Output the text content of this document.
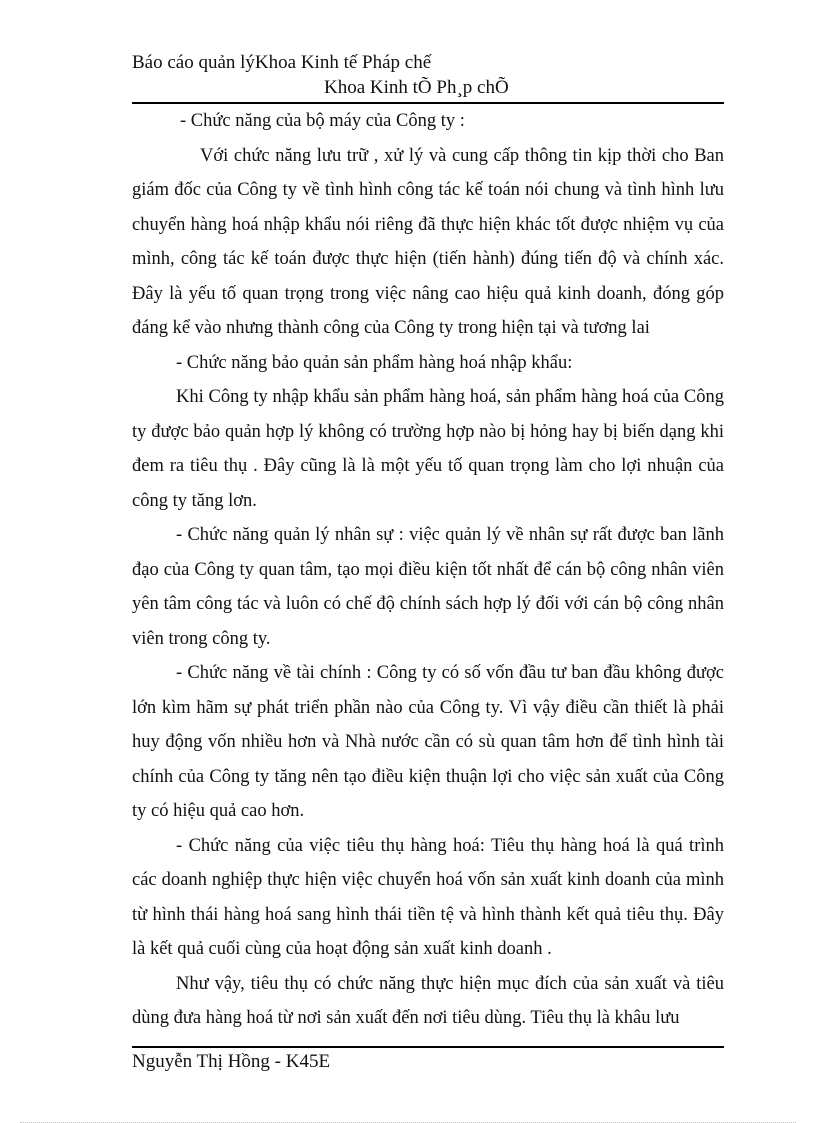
Báo cáo quản lýKhoa Kinh tế Pháp chế
Khoa Kinh tÕ Ph¸p chÕ

- Chức năng của bộ máy của Công ty :

Với chức năng lưu trữ , xử lý và cung cấp thông tin kịp thời cho Ban giám đốc của Công ty về tình hình công tác kế toán nói chung và tình hình lưu chuyển hàng hoá nhập khẩu nói riêng đã thực hiện khác tốt được nhiệm vụ của mình, công tác kế toán được thực hiện (tiến hành) đúng tiến độ và chính xác. Đây là yếu tố quan trọng trong việc nâng cao hiệu quả kinh doanh, đóng góp đáng kể vào nhưng thành công của Công ty trong hiện tại và tương lai

- Chức năng bảo quản sản phẩm hàng hoá nhập khẩu:

Khi Công ty nhập khẩu sản phẩm hàng hoá, sản phẩm hàng hoá của Công ty được bảo quản hợp lý không có trường hợp nào bị hỏng hay bị biến dạng khi đem ra tiêu thụ . Đây cũng là là một yếu tố quan trọng làm cho lợi nhuận của công ty tăng lơn.

- Chức năng quản lý nhân sự : việc quản lý về nhân sự rất được ban lãnh đạo của Công ty quan tâm, tạo mọi điều kiện tốt nhất để cán bộ công nhân viên yên tâm công tác và luôn có chế độ chính sách hợp lý đối với cán bộ công nhân viên trong công ty.

- Chức năng về tài chính : Công ty có số vốn đầu tư ban đầu không được lớn kìm hãm sự phát triển phần nào của Công ty. Vì vậy điều cần thiết là phải huy động vốn nhiều hơn và Nhà nước cần có sù quan tâm hơn để tình hình tài chính của Công ty tăng nên tạo điều kiện thuận lợi cho việc sản xuất của Công ty có hiệu quả cao hơn.

- Chức năng của việc tiêu thụ hàng hoá: Tiêu thụ hàng hoá là quá trình các doanh nghiệp thực hiện việc chuyển hoá vốn sản xuất kinh doanh của mình từ hình thái hàng hoá sang hình thái tiền tệ và hình thành kết quả tiêu thụ. Đây là kết quả cuối cùng của hoạt động sản xuất kinh doanh .

Như vậy, tiêu thụ có chức năng thực hiện mục đích của sản xuất và tiêu dùng đưa hàng hoá từ nơi sản xuất đến nơi tiêu dùng. Tiêu thụ là khâu lưu

Nguyễn Thị Hồng - K45E
